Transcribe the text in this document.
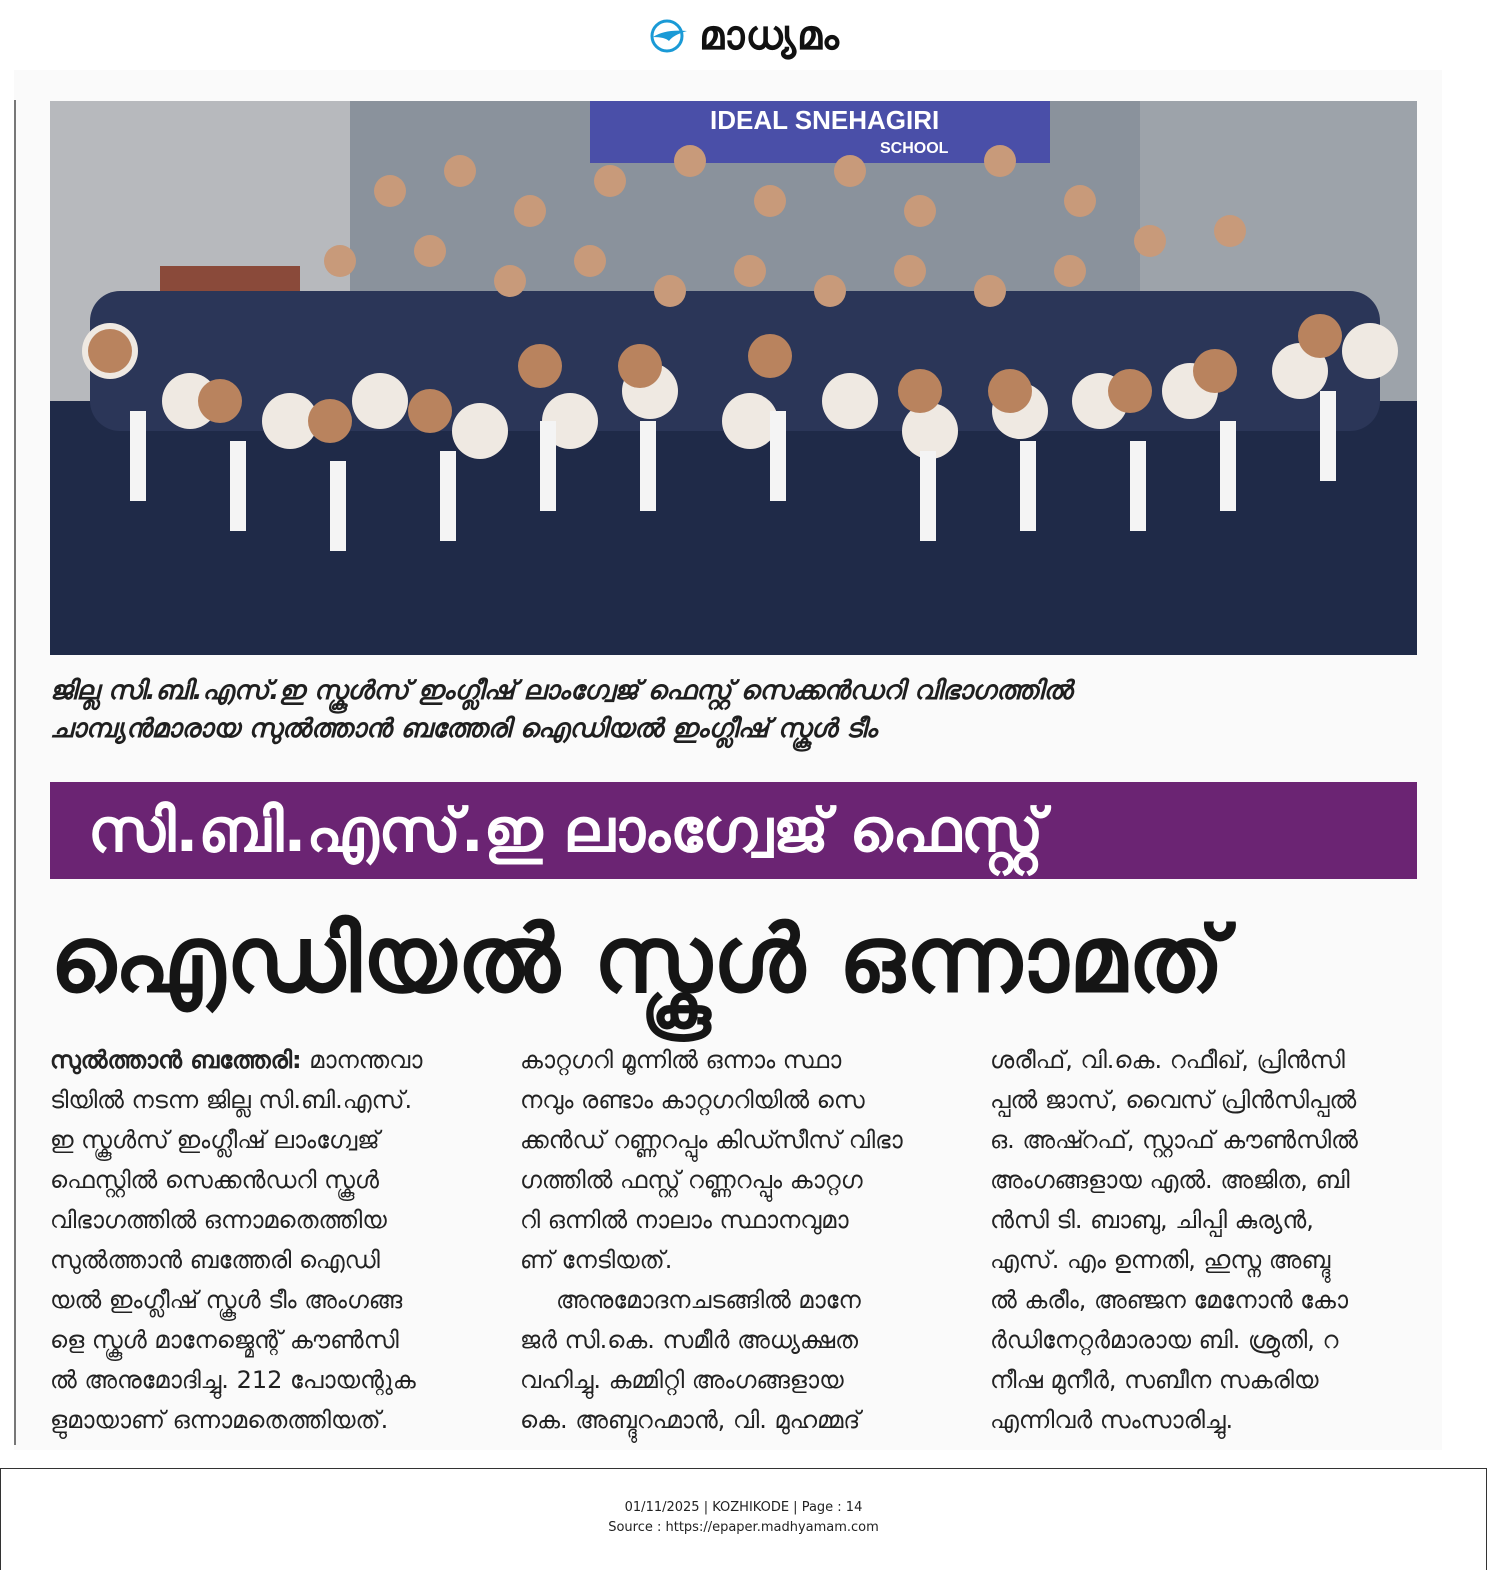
മാധ്യമം
IDEAL SNEHAGIRI
SCHOOL
ജില്ല സി.ബി.എസ്.ഇ സ്കൂൾസ് ഇംഗ്ലീഷ് ലാംഗ്വേജ് ഫെസ്റ്റ് സെക്കൻഡറി വിഭാഗത്തിൽ
ചാമ്പ്യൻമാരായ സുൽത്താൻ ബത്തേരി ഐഡിയൽ ഇംഗ്ലീഷ് സ്കൂൾ ടീം
സി.ബി.എസ്.ഇ ലാംഗ്വേജ് ഫെസ്റ്റ്
ഐഡിയൽ സ്കൂൾ ഒന്നാമത്
സുൽത്താൻ ബത്തേരി: മാനന്തവാ
ടിയിൽ നടന്ന ജില്ല സി.ബി.എസ്.
ഇ സ്കൂൾസ് ഇംഗ്ലീഷ് ലാംഗ്വേജ്
ഫെസ്റ്റിൽ സെക്കൻഡറി സ്കൂൾ
വിഭാഗത്തിൽ ഒന്നാമതെത്തിയ
സുൽത്താൻ ബത്തേരി ഐഡി
യൽ ഇംഗ്ലീഷ് സ്കൂൾ ടീം അംഗങ്ങ
ളെ സ്കൂൾ മാനേജ്മെന്റ് കൗൺസി
ൽ അനുമോദിച്ചു. 212 പോയന്റുക
ളുമായാണ് ഒന്നാമതെത്തിയത്.
കാറ്റഗറി മൂന്നിൽ ഒന്നാം സ്ഥാ
നവും രണ്ടാം കാറ്റഗറിയിൽ സെ
ക്കൻഡ് റണ്ണറപ്പും കിഡ്സീസ് വിഭാ
ഗത്തിൽ ഫസ്റ്റ് റണ്ണറപ്പും കാറ്റഗ
റി ഒന്നിൽ നാലാം സ്ഥാനവുമാ
ണ് നേടിയത്.
അനുമോദനചടങ്ങിൽ മാനേ
ജർ സി.കെ. സമീർ അധ്യക്ഷത
വഹിച്ചു. കമ്മിറ്റി അംഗങ്ങളായ
കെ. അബ്ദുറഹ്മാൻ, വി. മുഹമ്മദ്
ശരീഫ്, വി.കെ. റഫീഖ്, പ്രിൻസി
പ്പൽ ജാസ്, വൈസ് പ്രിൻസിപ്പൽ
ഒ. അഷ്റഫ്, സ്റ്റാഫ് കൗൺസിൽ
അംഗങ്ങളായ എൽ. അജിത, ബി
ൻസി ടി. ബാബു, ചിപ്പി കുര്യൻ,
എസ്. എം ഉന്നതി, ഹുസ്ന അബ്ദു
ൽ കരീം, അഞ്ജന മേനോൻ കോ
ർഡിനേറ്റർമാരായ ബി. ശ്രുതി, റ
നീഷ മുനീർ, സബീന സകരിയ
എന്നിവർ സംസാരിച്ചു.
01/11/2025 | KOZHIKODE | Page : 14
Source : https://epaper.madhyamam.com
